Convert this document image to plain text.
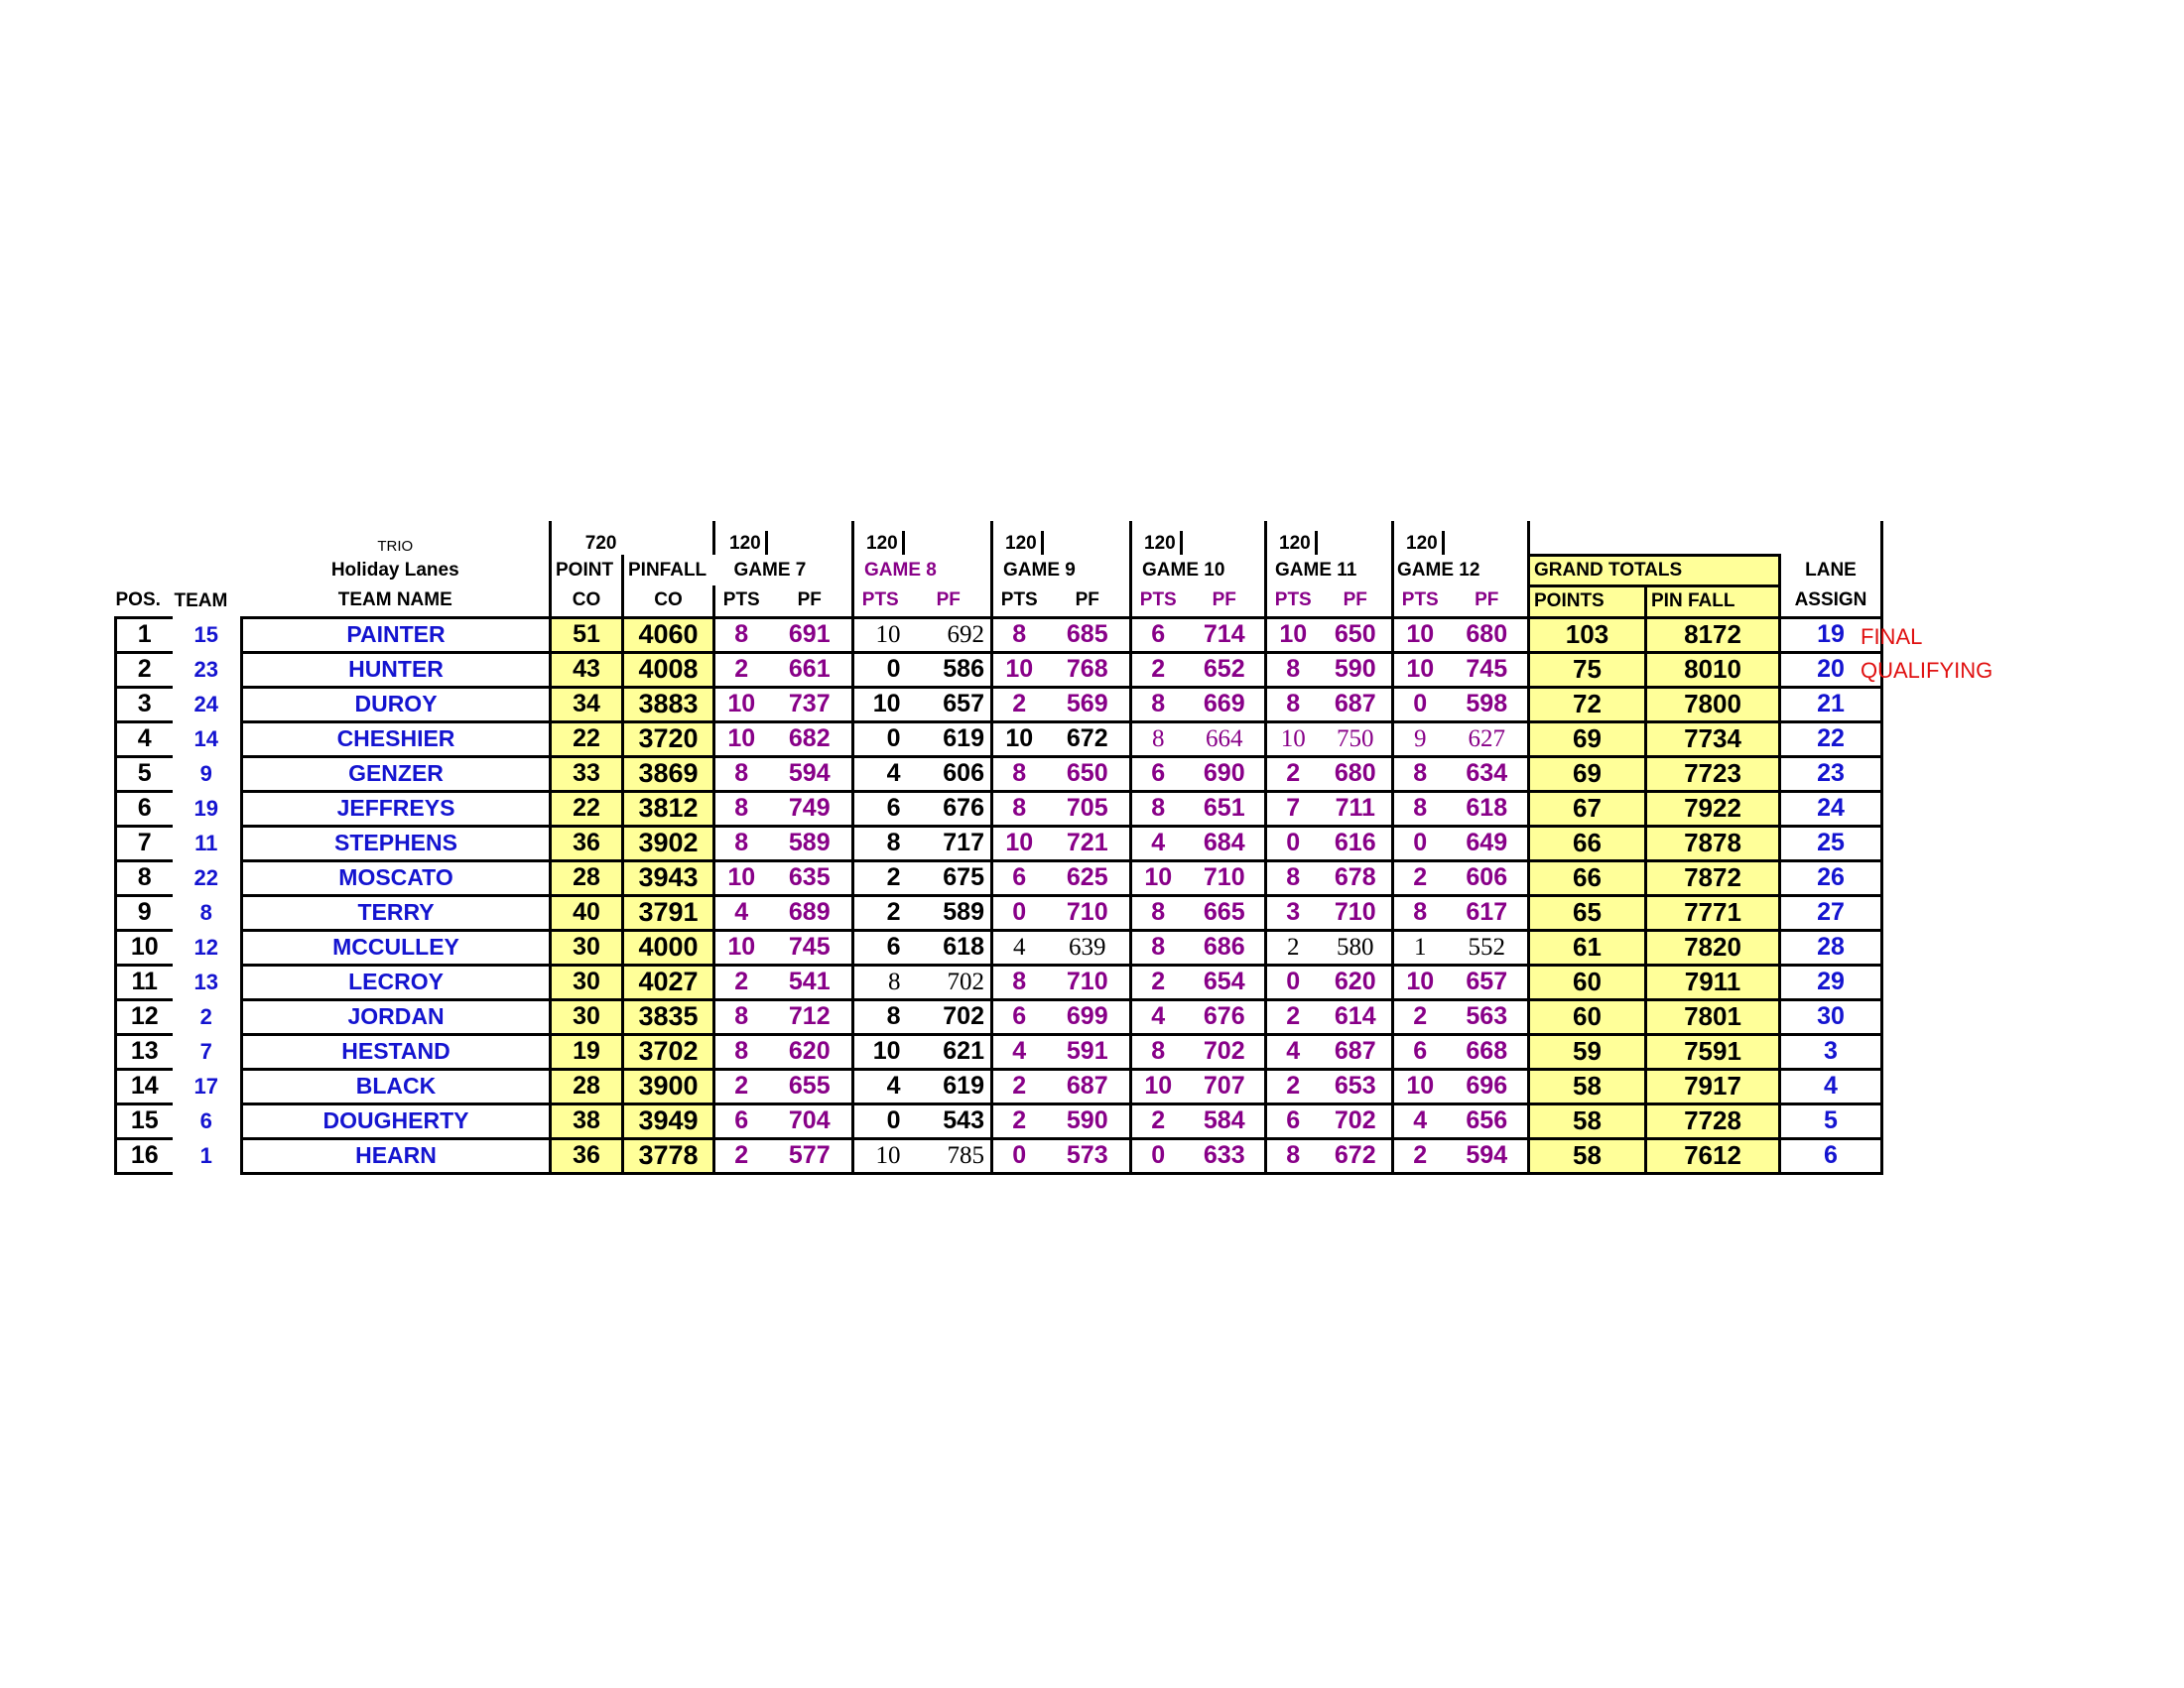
		TRIO	720		120		120		120		120		120		120				
		Holiday Lanes	POINT	PINFALL	GAME 7		GAME 8		GAME 9		GAME 10		GAME 11		GAME 12		GRAND TOTALS		LANE
POS.	TEAM	TEAM NAME	CO	CO	PTS	PF	PTS	PF	PTS	PF	PTS	PF	PTS	PF	PTS	PF	POINTS	PIN FALL	ASSIGN
1	15	PAINTER	51	4060	8	691	10	692	8	685	6	714	10	650	10	680	103	8172	19
2	23	HUNTER	43	4008	2	661	0	586	10	768	2	652	8	590	10	745	75	8010	20
3	24	DUROY	34	3883	10	737	10	657	2	569	8	669	8	687	0	598	72	7800	21
4	14	CHESHIER	22	3720	10	682	0	619	10	672	8	664	10	750	9	627	69	7734	22
5	9	GENZER	33	3869	8	594	4	606	8	650	6	690	2	680	8	634	69	7723	23
6	19	JEFFREYS	22	3812	8	749	6	676	8	705	8	651	7	711	8	618	67	7922	24
7	11	STEPHENS	36	3902	8	589	8	717	10	721	4	684	0	616	0	649	66	7878	25
8	22	MOSCATO	28	3943	10	635	2	675	6	625	10	710	8	678	2	606	66	7872	26
9	8	TERRY	40	3791	4	689	2	589	0	710	8	665	3	710	8	617	65	7771	27
10	12	MCCULLEY	30	4000	10	745	6	618	4	639	8	686	2	580	1	552	61	7820	28
11	13	LECROY	30	4027	2	541	8	702	8	710	2	654	0	620	10	657	60	7911	29
12	2	JORDAN	30	3835	8	712	8	702	6	699	4	676	2	614	2	563	60	7801	30
13	7	HESTAND	19	3702	8	620	10	621	4	591	8	702	4	687	6	668	59	7591	3
14	17	BLACK	28	3900	2	655	4	619	2	687	10	707	2	653	10	696	58	7917	4
15	6	DOUGHERTY	38	3949	6	704	0	543	2	590	2	584	6	702	4	656	58	7728	5
16	1	HEARN	36	3778	2	577	10	785	0	573	0	633	8	672	2	594	58	7612	6
FINAL
QUALIFYING
